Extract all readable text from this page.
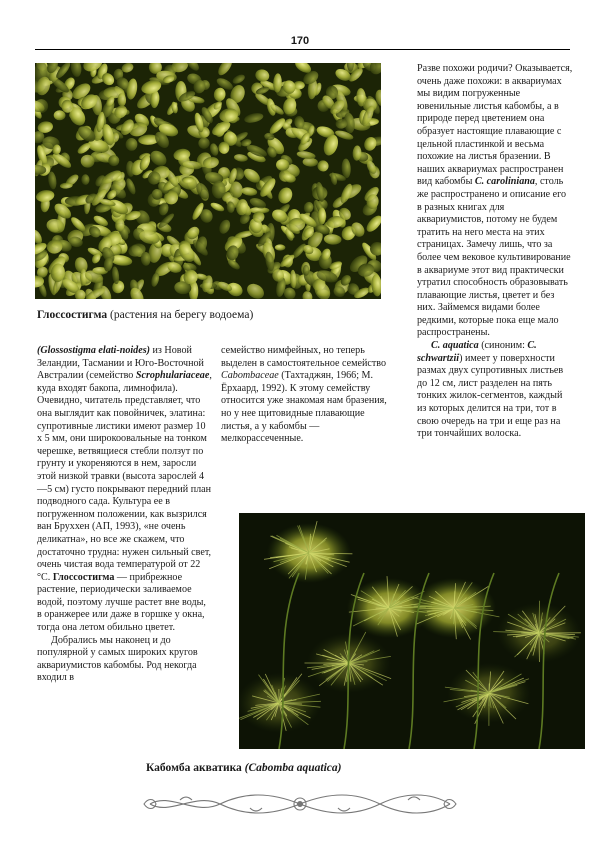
170
Глоссостигма (растения на берегу водоема)
Кабомба акватика (Cabomba aquatica)

Разве похожи родичи? Оказывается, очень даже похожи: в аквариумах мы видим погруженные ювенильные листья кабомбы, а в природе перед цветением она образует настоящие плавающие с цельной пластинкой и весьма похожие на листья бразении. В наших аквариумах распространен вид кабомбы C. caroliniana, столь же распространено и описание его в разных книгах для аквариумистов, потому не будем тратить на него места на этих страницах. Замечу лишь, что за более чем вековое культивирование в аквариуме этот вид практически утратил способность образовывать плавающие листья, цветет и без них. Займемся видами более редкими, которые пока еще мало распространены.

C. aquatica (синоним: C. schwartzii) имеет у поверхности размах двух супротивных листьев до 12 см, лист разделен на пять тонких жилок-сегментов, каждый из которых делится на три, тот в свою очередь на три и еще раз на три тончайших волоска.

(Glossostigma elati-noides) из Новой Зеландии, Тасмании и Юго-Восточной Австралии (семейство Scrophulariaceae, куда входят бакопа, лимнофила). Очевидно, читатель представляет, что она выглядит как повойничек, элатина: супротивные листики имеют размер 10 х 5 мм, они широкоовальные на тонком черешке, ветвящиеся стебли ползут по грунту и укореняются в нем, заросли этой низкой травки (высота зарослей 4—5 см) густо покрывают передний план подводного сада. Культура ее в погруженном положении, как вызрился ван Бруххен (АП, 1993), «не очень деликатна», но все же скажем, что достаточно трудна: нужен сильный свет, очень чистая вода температурой от 22 °С. Глоссостигма — прибрежное растение, периодически заливаемое водой, поэтому лучше растет вне воды, в оранжерее или даже в горшке у окна, тогда она летом обильно цветет.

Добрались мы наконец и до популярной у самых широких кругов аквариумистов кабомбы. Род некогда входил в

семейство нимфейных, но теперь выделен в самостоятельное семейство Cabombaceae (Тахтаджян, 1966; М. Ёрхаард, 1992). К этому семейству относится уже знакомая нам бразения, но у нее щитовидные плавающие листья, а у кабомбы — мелкорассеченные.
